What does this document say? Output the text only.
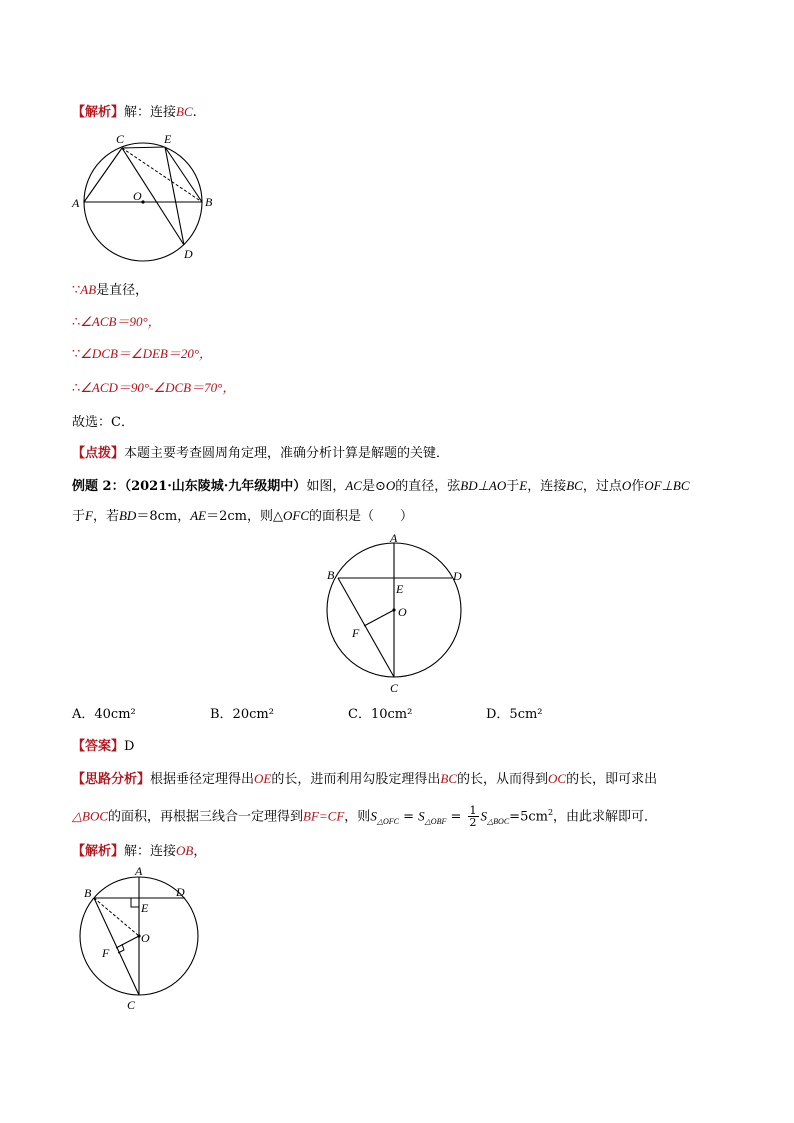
【解析】解：连接BC.
A	B
C	E
O
D
∵AB是直径，
∴∠ACB＝90°，
∵∠DCB＝∠DEB＝20°，
∴∠ACD＝90°-∠DCB＝70°，
故选：C．
【点拨】本题主要考查圆周角定理，准确分析计算是解题的关键．
例题 2：（2021·山东陵城·九年级期中）如图，AC是⊙O的直径，弦BD⊥AO于E，连接BC，过点O作OF⊥BC
于F，若BD＝8cm，AE＝2cm，则△OFC的面积是（　　）
A
B	D
E
O
F
C
A．40cm²	B．20cm²	C．10cm²	D．5cm²
【答案】D
【思路分析】根据垂径定理得出OE的长，进而利用勾股定理得出BC的长，从而得到OC的长，即可求出
△BOC的面积，再根据三线合一定理得到BF=CF，则$S_{\triangle OFC} = S_{\triangle OBF} = \frac{1}{2} S_{\triangle BOC}=5cm^2$，由此求解即可．
【解析】解：连接OB，
A
B	D
E
O
F
C
